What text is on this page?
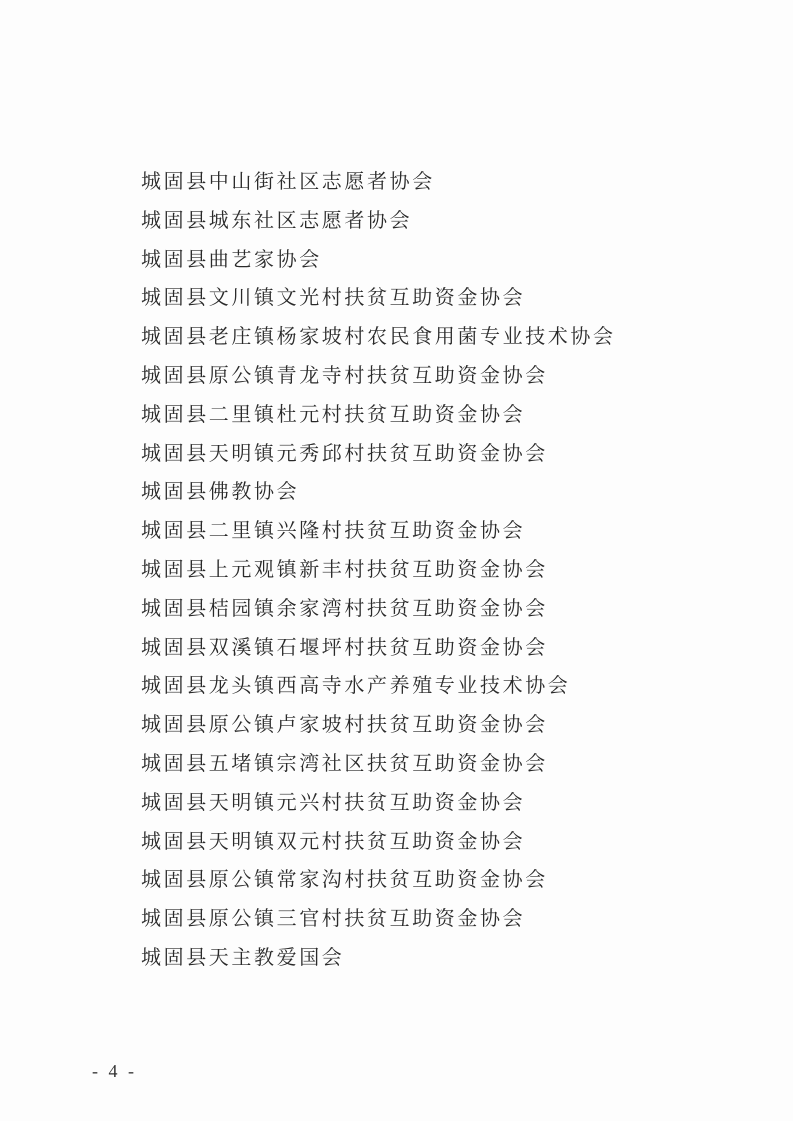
城固县中山街社区志愿者协会
城固县城东社区志愿者协会
城固县曲艺家协会
城固县文川镇文光村扶贫互助资金协会
城固县老庄镇杨家坡村农民食用菌专业技术协会
城固县原公镇青龙寺村扶贫互助资金协会
城固县二里镇杜元村扶贫互助资金协会
城固县天明镇元秀邱村扶贫互助资金协会
城固县佛教协会
城固县二里镇兴隆村扶贫互助资金协会
城固县上元观镇新丰村扶贫互助资金协会
城固县桔园镇余家湾村扶贫互助资金协会
城固县双溪镇石堰坪村扶贫互助资金协会
城固县龙头镇西高寺水产养殖专业技术协会
城固县原公镇卢家坡村扶贫互助资金协会
城固县五堵镇宗湾社区扶贫互助资金协会
城固县天明镇元兴村扶贫互助资金协会
城固县天明镇双元村扶贫互助资金协会
城固县原公镇常家沟村扶贫互助资金协会
城固县原公镇三官村扶贫互助资金协会
城固县天主教爱国会
- 4 -
